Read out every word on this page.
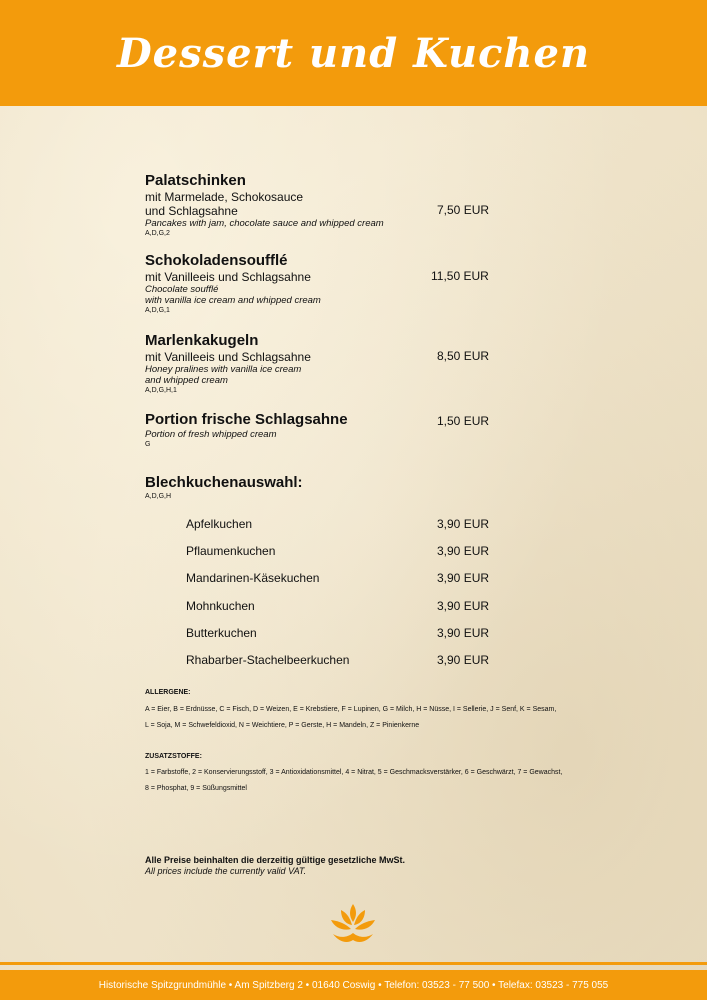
Dessert und Kuchen
Palatschinken
mit Marmelade, Schokosauce
und Schlagsahne
Pancakes with jam, chocolate sauce and whipped cream
A,D,G,2
7,50 EUR
Schokoladensoufflé
mit Vanilleeis und Schlagsahne
Chocolate soufflé
with vanilla ice cream and whipped cream
A,D,G,1
11,50 EUR
Marlenkakugeln
mit Vanilleeis und Schlagsahne
Honey pralines with vanilla ice cream
and whipped cream
A,D,G,H,1
8,50 EUR
Portion frische Schlagsahne
Portion of fresh whipped cream
G
1,50 EUR
Blechkuchenauswahl:
A,D,G,H
Apfelkuchen	3,90 EUR
Pflaumenkuchen	3,90 EUR
Mandarinen-Käsekuchen	3,90 EUR
Mohnkuchen	3,90 EUR
Butterkuchen	3,90 EUR
Rhabarber-Stachelbeerkuchen	3,90 EUR
ALLERGENE:
A = Eier, B = Erdnüsse, C = Fisch, D = Weizen, E = Krebstiere, F = Lupinen, G = Milch, H = Nüsse, I = Sellerie, J = Senf, K = Sesam,
L = Soja, M = Schwefeldioxid, N = Weichtiere, P = Gerste, H = Mandeln, Z = Pinienkerne
ZUSATZSTOFFE:
1 = Farbstoffe, 2 = Konservierungsstoff, 3 = Antioxidationsmittel, 4 = Nitrat, 5 = Geschmacksverstärker, 6 = Geschwärzt, 7 = Gewachst,
8 = Phosphat, 9 = Süßungsmittel
Alle Preise beinhalten die derzeitig gültige gesetzliche MwSt.
All prices include the currently valid VAT.
Historische Spitzgrundmühle • Am Spitzberg 2 • 01640 Coswig • Telefon: 03523 - 77 500 • Telefax: 03523 - 775 055
